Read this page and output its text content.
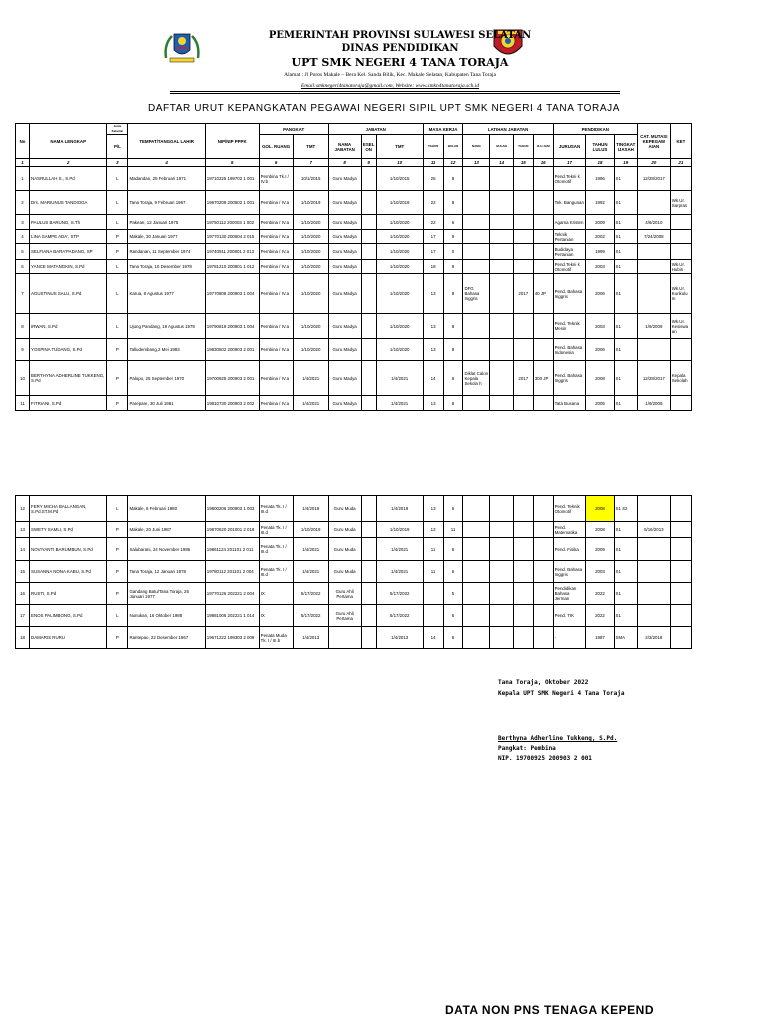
PEMERINTAH PROVINSI SULAWESI SELATAN
DINAS PENDIDIKAN
UPT SMK NEGERI 4 TANA TORAJA
Alamat : Jl Poros Makale – Bera Kel. Sanda Bilik, Kec. Makale Selatan, Kabupaten Tana Toraja
Email:smknegeri4tanatoraja@gmail.com, Website: www.smkn4tanatoraja.sch.id
DAFTAR URUT KEPANGKATAN PEGAWAI NEGERI SIPIL UPT SMK NEGERI 4 TANA TORAJA
No	NAMA LENGKAP	Jenis Kelamin	TEMPAT/TANGGAL LAHIR	NIP/NIP PPPK	PANGKAT		JABATAN			MASA KERJA		LATIHAN JABATAN				PENDIDIKAN			CAT. MUTASI KEPEGAW AIAN	KET
		P/L			GOL. RUANG	TMT	NAMA JABATAN	ESEL ON	TMT	TAHUN	BULAN	NAMA	BULAN	TAHUN	JLH JAM	JURUSAN	TAHUN LULUS	TINGKAT IJASAH		
1	2	3	4	5	6	7	8	9	10	11	12	13	14	15	16	17	18	19	20	21
1	NASRULLAH S., S.Pd	L	Madandan, 25 Februari 1971	19710225 199702 1 001	Pembina Tk.I / IV.b	10/1/2015	Guru Madya		1/10/2015	25	8					Pend.Tekni k Otomotif	1996	S1	12/28/2017	
2	Drs. MARIUNUS TANDIOGA	L	Tana Toraja, 9 Februari 1967	19670209 200502 1 001	Pembina / IV.a	1/10/2019	Guru Madya		1/10/2019	22	8					Tek. Bangunan	1992	S1		Wk.Ur. Sarpras
3	PAULUS BARUNG, S.Th	L	Pakean, 12 Januari 1975	19750112 200003 1 002	Pembina / IV.a	1/10/2020	Guru Madya		1/10/2020	22	6					Agama Kristen	2009	S1	4/6/2010	
4	LINA SAMPE ADA', STP	P	Makale, 30 Januari 1977	19770130 200604 2 015	Pembina / IV.a	1/10/2020	Guru Madya		1/10/2020	17	9					Teknik Pertanian	2002	S1	7/24/2008	
5	SELFIANA BARA'PADANG, SP	P	Randanan, 11 September 1974	19740911 200801 2 013	Pembina / IV.a	1/10/2020	Guru Madya		1/10/2020	17	0					Budidaya Pertanian	1999	S1		
6	YANCE MATANGKIN, S.Pd	L	Tana Toraja, 10 Desember 1978	19781210 200801 1 012	Pembina / IV.a	1/10/2020	Guru Madya		1/10/2020	18	9					Pend.Tekni k Otomotif	2003	S1		Wk.Ur. Hubin
7	AGUSTINUS SALU, S.Pd	L	Karua, 8 Agustus 1977	19770808 200903 1 004	Pembina / IV.a	1/10/2020	Guru Madya		1/10/2020	13	8	DFG Bahasa Inggris		2017	40 JP	Pend. Bahasa Inggris	2006	S1		Wk.Ur. Kurikulu m
8	IRWAN, S.Pd	L	Ujung Pandang, 19 Agustus 1979	19790819 200903 1 004	Pembina / IV.a	1/10/2020	Guru Madya		1/10/2020	13	8					Pend. Teknik Mesin	2003	S1	1/9/2009	Wk.Ur. Kesiswa an
9	YOSPINA TUDANG, S.Pd	P	Talludembang,2 Mei 1983	19830502 200903 2 001	Pembina / IV.a	1/10/2020	Guru Madya		1/10/2020	13	8					Pend. Bahasa Indonesia	2006	S1		
10	BERTHYNA ADHERLINE TUKKENG, S.Pd	P	Palopo, 25 September 1970	19700925 200903 2 001	Pembina / IV.a	1/4/2021	Guru Madya		1/4/2021	14	6	Diklat Calon Kepala Sekola h		2017	300 JP	Pend. Bahasa Inggris	2008	S1	12/28/2017	Kepala Sekolah
11	FITRIANI, S.Pd	P	Parepare, 30 Juli 1981	19810730 200903 2 002	Pembina / IV.a	1/4/2021	Guru Madya		1/4/2021	13	8					Tata Busana	2005	S1	1/9/2009	
12	FERY MICHA BALLANGAN, S.Pd.ST.M.Pd	L	Makale, 6 Februari 1980	19800206 200903 1 003	Penata Tk. I / III.d	1/4/2019	Guru Muda		1/4/2019	13	6					Pend. Teknik Otomotif	2008	S1 S2		
13	SWETY SAMLI, S.Pd	P	Makale, 20 Juni 1987	19870620 201001 2 018	Penata Tk. I / III.d	1/10/2019	Guru Muda		1/10/2019	12	11					Pend. Matematika	2008	S1	5/16/2013	
14	NOVIYANTI BARUMBUN, S.Pd	P	Salubarani, 24 November 1986	19861124 201101 2 011	Penata Tk. I / III.d	1/4/2021	Guru Muda		1/4/2021	11	6					Pend. Fisika	2009	S1		
15	SUSANNA NONA KABU, S.Pd	P	Tana Toraja, 12 Januari 1978	19780112 201101 2 004	Penata Tk. I / III.d	1/4/2021	Guru Muda		1/4/2021	11	6					Pend. Bahasa Inggris	2003	S1		
16	RUSTI, S.Pd	P	Gandang Batu/Tana Toraja, 26 Januari 1977	19770126 202221 2 004	IX	5/17/2022	Guru Ahli Pertama		5/17/2022		5					Pendidikan Bahasa Jerman	2022	S1		
17	ENOS PALIMBONG, S.Pd	L	Nunukan, 16 Oktober 1988	19881006 202221 1 014	IX	5/17/2022	Guru Ahli Pertama		5/17/2022		5					Pend. TIK	2022	S1		
18	DAMARIS RURU	P	Rantepao, 22 Desember 1967	19671222 199303 2 009	Penata Muda Tk. I / III.b	1/4/2013			1/4/2013	14	6					-	1987	SMA	2/3/2018	
Tana Toraja, Oktober 2022
Kepala UPT SMK Negeri 4 Tana Toraja
Berthyna Adherline Tukkeng, S.Pd.
Pangkat: Pembina
NIP. 19700925 200903 2 001
DATA NON PNS TENAGA KEPEND
